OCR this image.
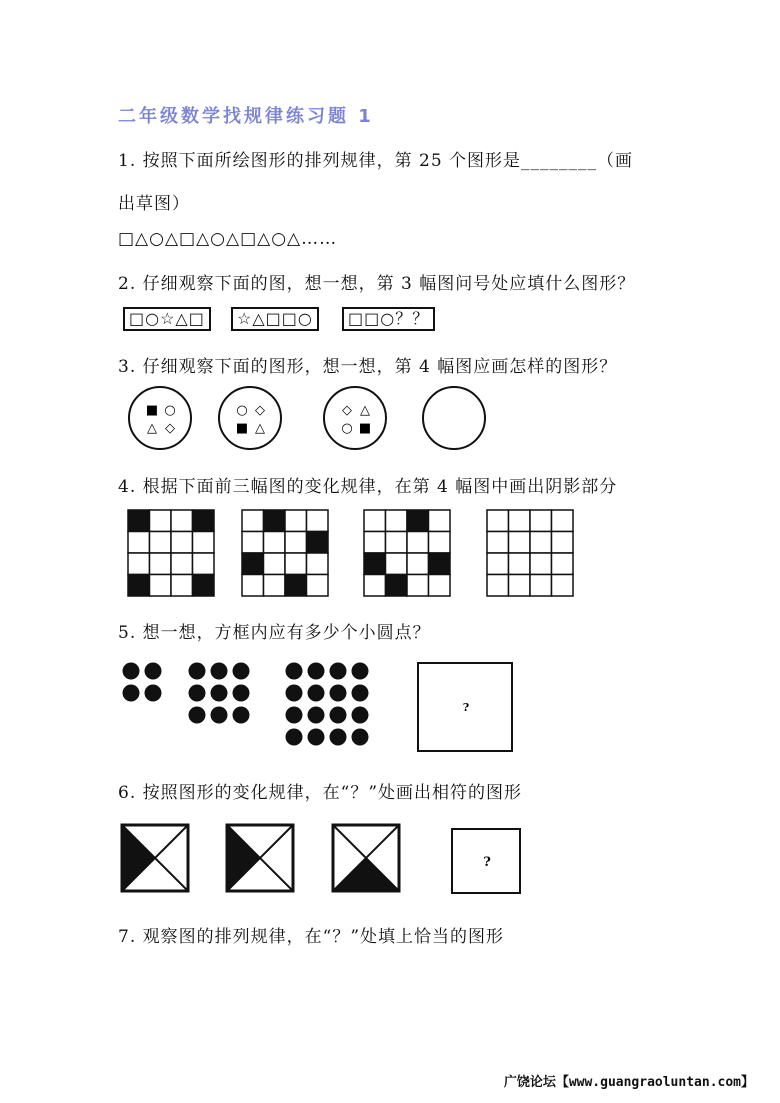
二年级数学找规律练习题 1
1. 按照下面所绘图形的排列规律，第 25 个图形是________（画
出草图）
□△○△□△○△□△○△……
2. 仔细观察下面的图，想一想，第 3 幅图问号处应填什么图形？
□○☆△□	☆△□□○	□□○？？
3. 仔细观察下面的图形，想一想，第 4 幅图应画怎样的图形？
■ ○
△ ◇
○ ◇
■ △
◇ △
○ ■
4. 根据下面前三幅图的变化规律，在第 4 幅图中画出阴影部分
5. 想一想，方框内应有多少个小圆点？
?
6. 按照图形的变化规律，在“？”处画出相符的图形
?
7. 观察图的排列规律，在“？”处填上恰当的图形
广饶论坛【www.guangraoluntan.com】
